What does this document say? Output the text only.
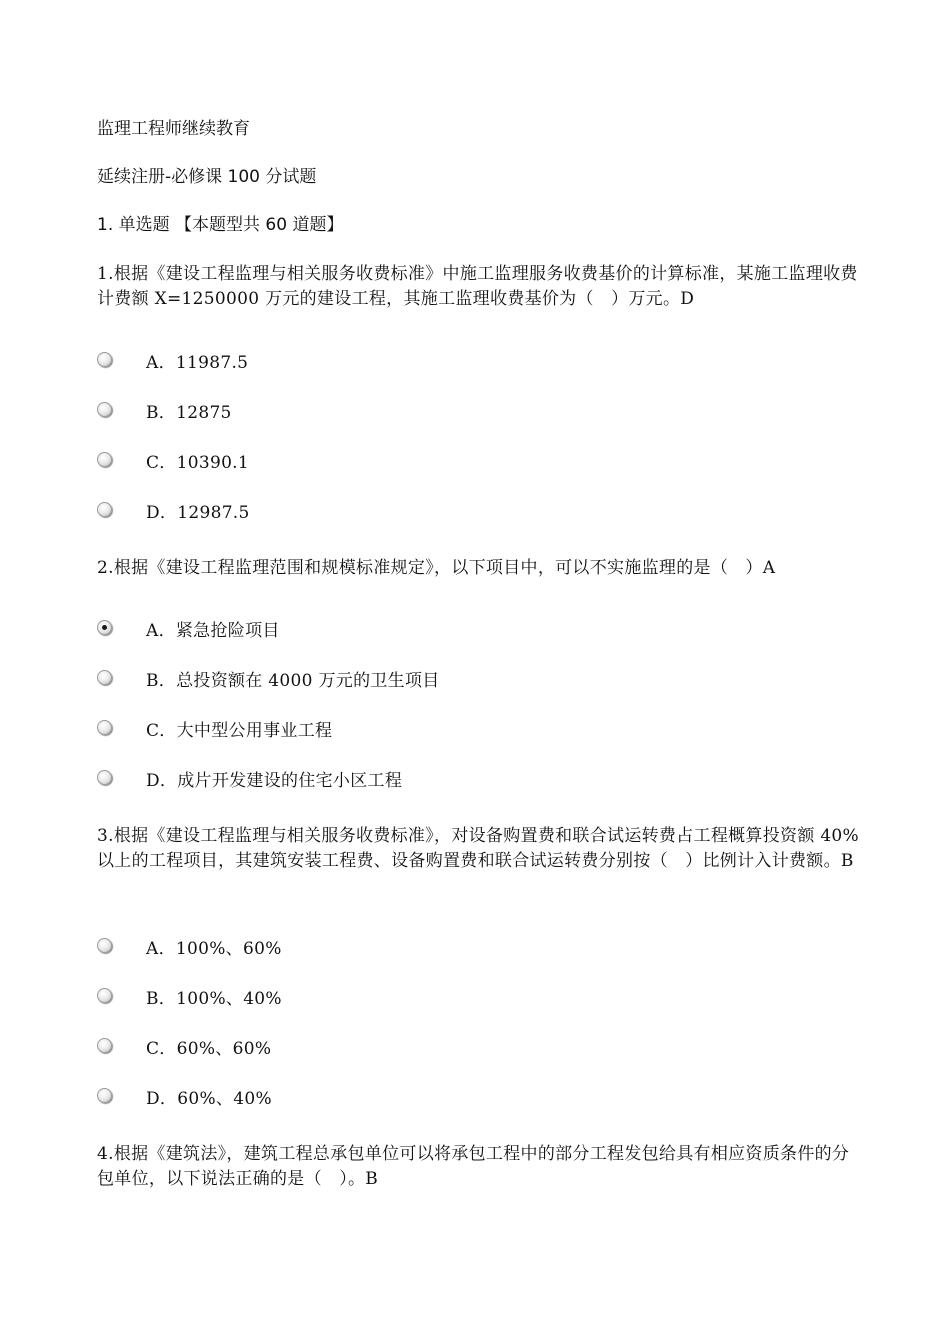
监理工程师继续教育
延续注册-必修课 100 分试题
1. 单选题 【本题型共 60 道题】
1.根据《建设工程监理与相关服务收费标准》中施工监理服务收费基价的计算标准，某施工监理收费计费额 X=1250000 万元的建设工程，其施工监理收费基价为（　）万元。D
A．11987.5
B．12875
C．10390.1
D．12987.5
2.根据《建设工程监理范围和规模标准规定》，以下项目中，可以不实施监理的是（　）A
A．紧急抢险项目
B．总投资额在 4000 万元的卫生项目
C．大中型公用事业工程
D．成片开发建设的住宅小区工程
3.根据《建设工程监理与相关服务收费标准》，对设备购置费和联合试运转费占工程概算投资额 40%以上的工程项目，其建筑安装工程费、设备购置费和联合试运转费分别按（　）比例计入计费额。B
A．100%、60%
B．100%、40%
C．60%、60%
D．60%、40%
4.根据《建筑法》，建筑工程总承包单位可以将承包工程中的部分工程发包给具有相应资质条件的分包单位，以下说法正确的是（　）。B
